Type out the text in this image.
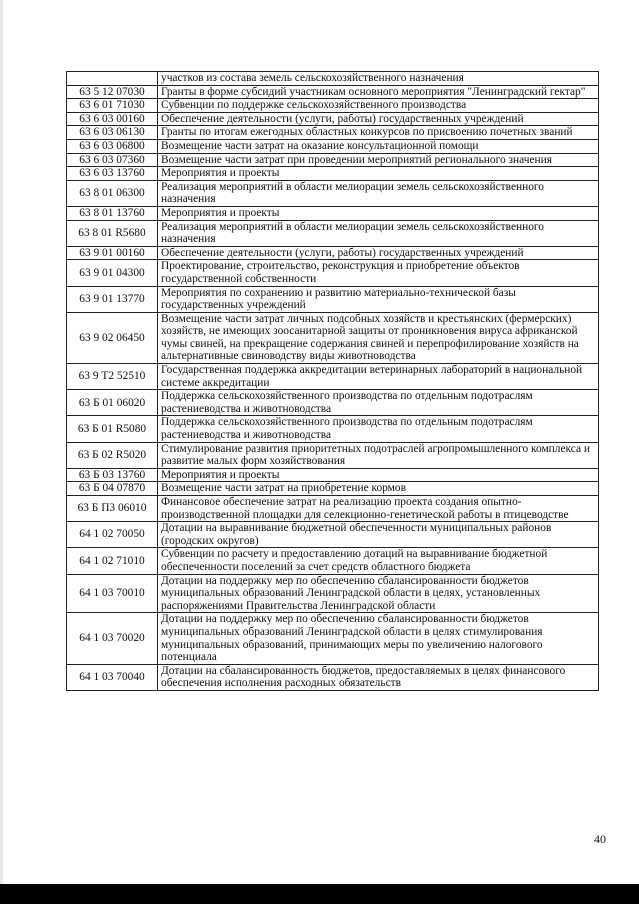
	участков из состава земель сельскохозяйственного назначения
63 5 12 07030	Гранты в форме субсидий участникам основного мероприятия "Ленинградский гектар"
63 6 01 71030	Субвенции по поддержке сельскохозяйственного производства
63 6 03 00160	Обеспечение деятельности (услуги, работы) государственных учреждений
63 6 03 06130	Гранты по итогам ежегодных областных конкурсов по присвоению почетных званий
63 6 03 06800	Возмещение части затрат на оказание консультационной помощи
63 6 03 07360	Возмещение части затрат при проведении мероприятий регионального значения
63 6 03 13760	Мероприятия и проекты
63 8 01 06300	Реализация мероприятий в области мелиорации земель сельскохозяйственного назначения
63 8 01 13760	Мероприятия и проекты
63 8 01 R5680	Реализация мероприятий в области мелиорации земель сельскохозяйственного назначения
63 9 01 00160	Обеспечение деятельности (услуги, работы) государственных учреждений
63 9 01 04300	Проектирование, строительство, реконструкция и приобретение объектов государственной собственности
63 9 01 13770	Мероприятия по сохранению и развитию материально-технической базы государственных учреждений
63 9 02 06450	Возмещение части затрат личных подсобных хозяйств и крестьянских (фермерских) хозяйств, не имеющих зоосанитарной защиты от проникновения вируса африканской чумы свиней, на прекращение содержания свиней и перепрофилирование хозяйств на альтернативные свиноводству виды животноводства
63 9 Т2 52510	Государственная поддержка аккредитации ветеринарных лабораторий в национальной системе аккредитации
63 Б 01 06020	Поддержка сельскохозяйственного производства по отдельным подотраслям растениеводства и животноводства
63 Б 01 R5080	Поддержка сельскохозяйственного производства по отдельным подотраслям растениеводства и животноводства
63 Б 02 R5020	Стимулирование развития приоритетных подотраслей агропромышленного комплекса и развитие малых форм хозяйствования
63 Б 03 13760	Мероприятия и проекты
63 Б 04 07870	Возмещение части затрат на приобретение кормов
63 Б П3 06010	Финансовое обеспечение затрат на реализацию проекта создания опытно-производственной площадки для селекционно-генетической работы в птицеводстве
64 1 02 70050	Дотации на выравнивание бюджетной обеспеченности муниципальных районов (городских округов)
64 1 02 71010	Субвенции по расчету и предоставлению дотаций на выравнивание бюджетной обеспеченности поселений за счет средств областного бюджета
64 1 03 70010	Дотации на поддержку мер по обеспечению сбалансированности бюджетов муниципальных образований Ленинградской области в целях, установленных распоряжениями Правительства Ленинградской области
64 1 03 70020	Дотации на поддержку мер по обеспечению сбалансированности бюджетов муниципальных образований Ленинградской области в целях стимулирования муниципальных образований, принимающих меры по увеличению налогового потенциала
64 1 03 70040	Дотации на сбалансированность бюджетов, предоставляемых в целях финансового обеспечения исполнения расходных обязательств
40
